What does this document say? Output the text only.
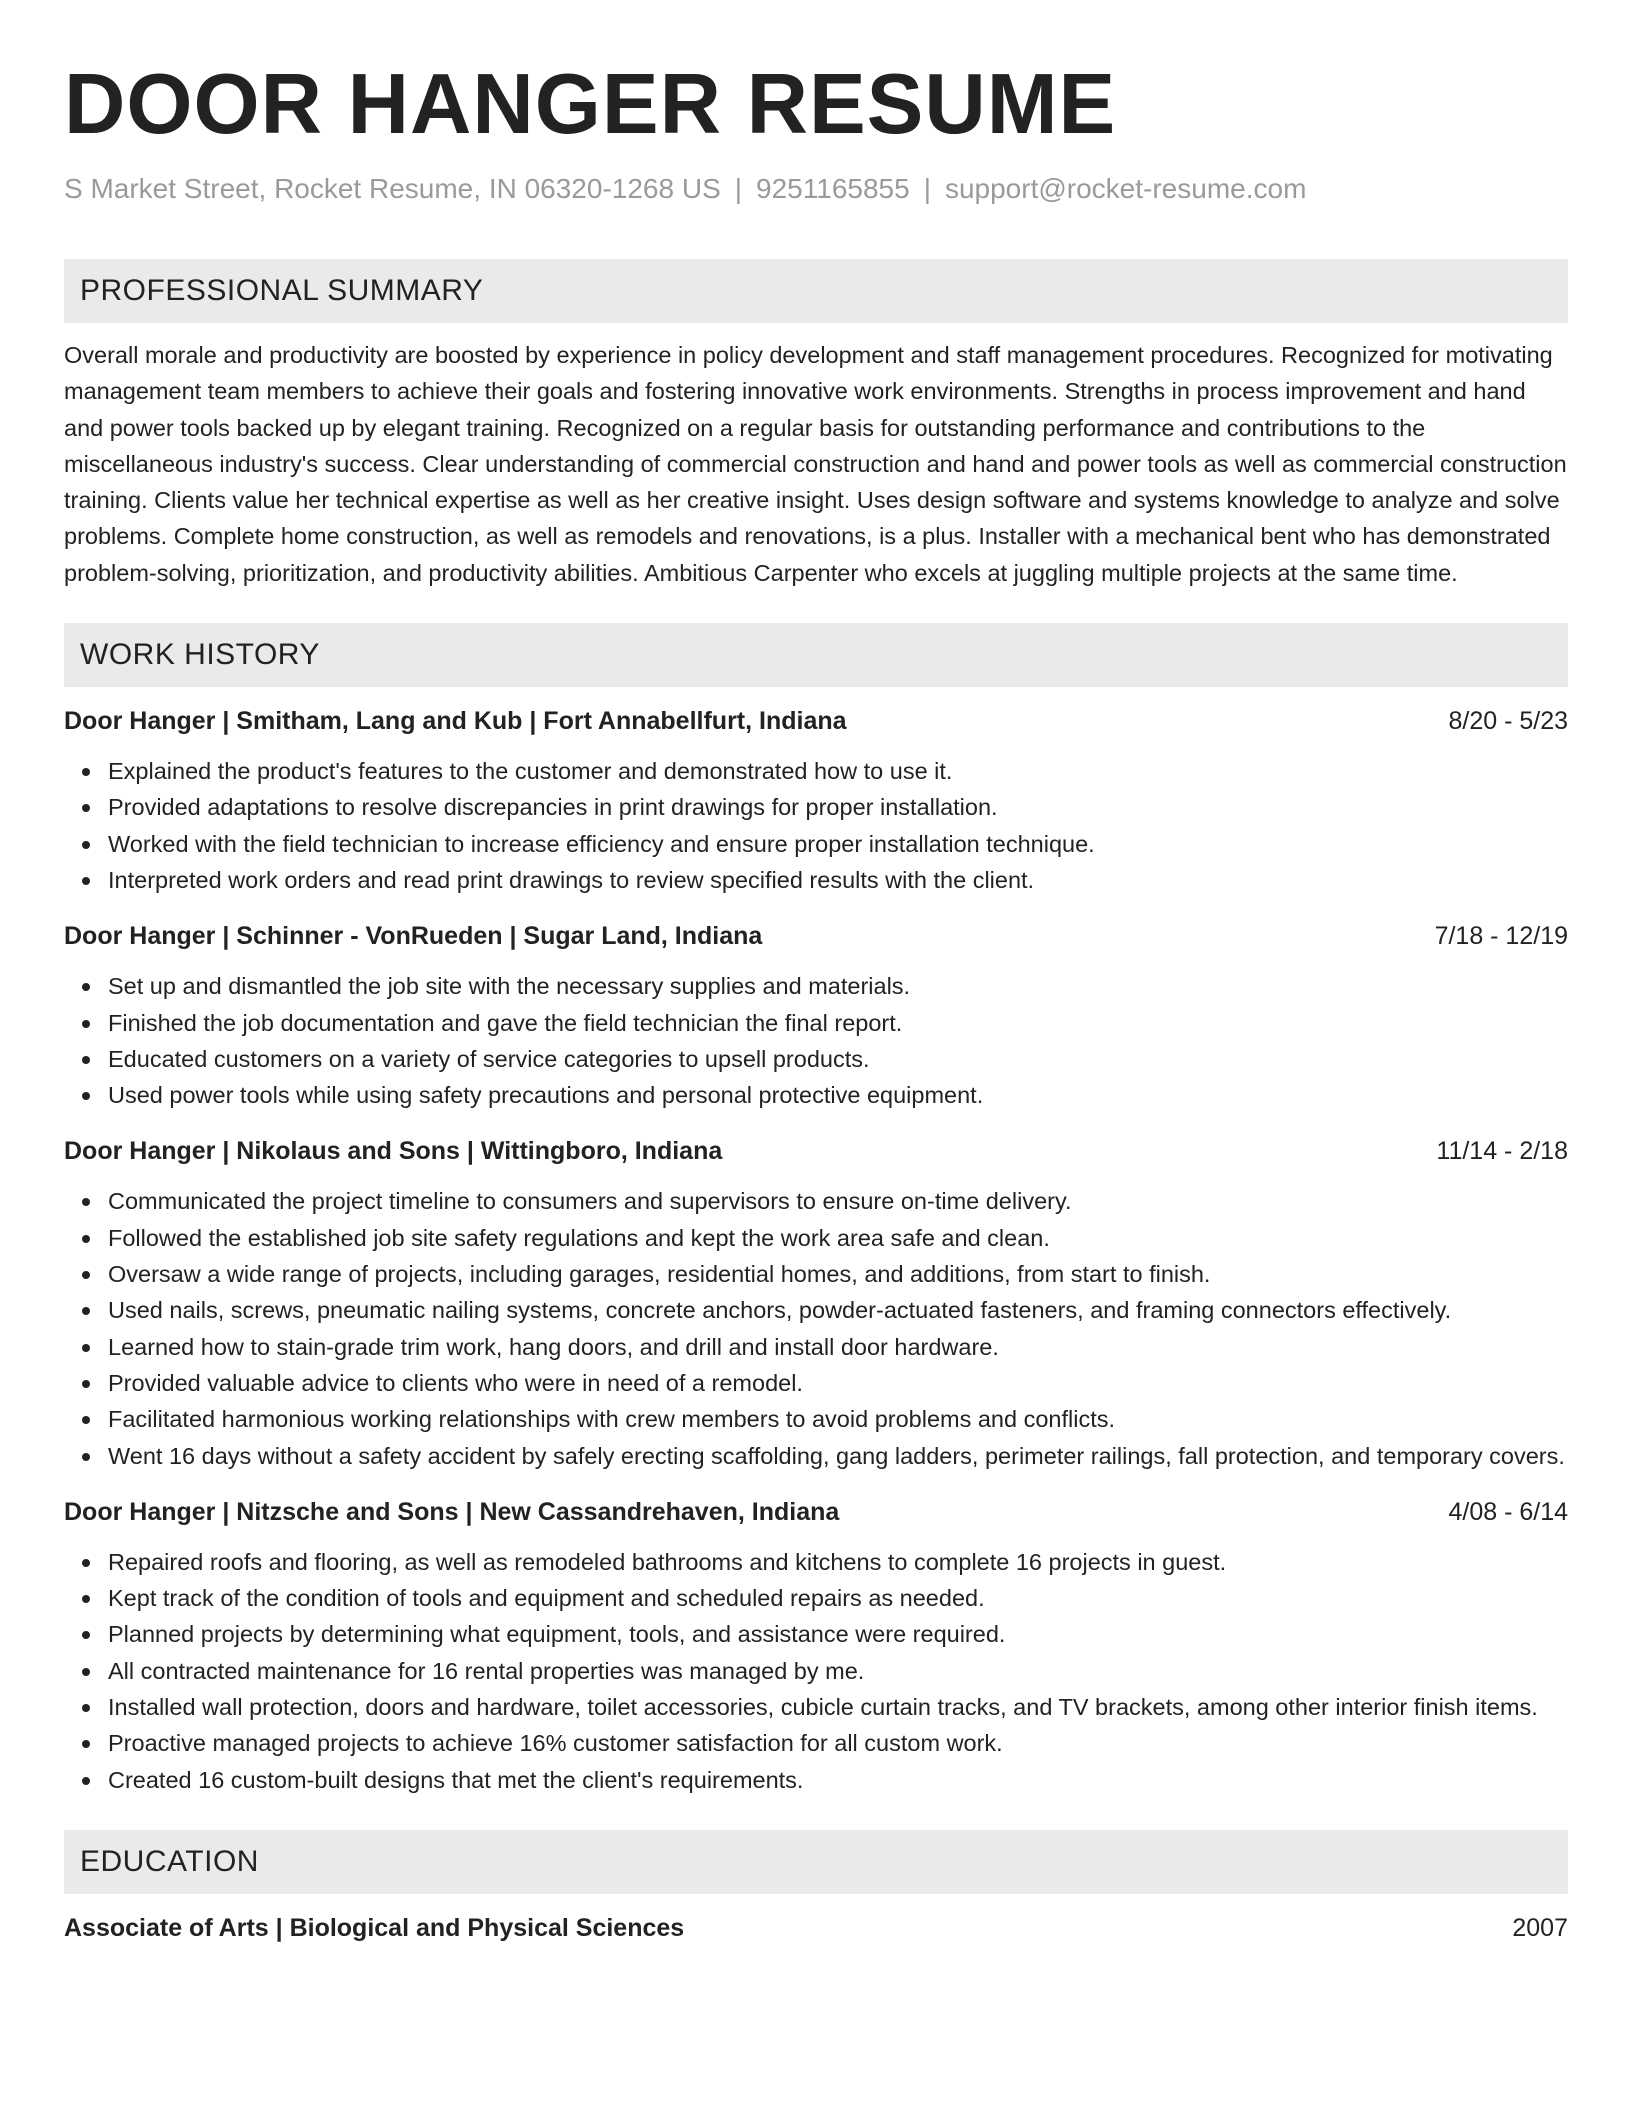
DOOR HANGER RESUME
S Market Street, Rocket Resume, IN 06320-1268 US | 9251165855 | support@rocket-resume.com
PROFESSIONAL SUMMARY
Overall morale and productivity are boosted by experience in policy development and staff management procedures. Recognized for motivating management team members to achieve their goals and fostering innovative work environments. Strengths in process improvement and hand and power tools backed up by elegant training. Recognized on a regular basis for outstanding performance and contributions to the miscellaneous industry's success. Clear understanding of commercial construction and hand and power tools as well as commercial construction training. Clients value her technical expertise as well as her creative insight. Uses design software and systems knowledge to analyze and solve problems. Complete home construction, as well as remodels and renovations, is a plus. Installer with a mechanical bent who has demonstrated problem-solving, prioritization, and productivity abilities. Ambitious Carpenter who excels at juggling multiple projects at the same time.
WORK HISTORY
Door Hanger | Smitham, Lang and Kub | Fort Annabellfurt, Indiana	8/20 - 5/23
Explained the product's features to the customer and demonstrated how to use it.
Provided adaptations to resolve discrepancies in print drawings for proper installation.
Worked with the field technician to increase efficiency and ensure proper installation technique.
Interpreted work orders and read print drawings to review specified results with the client.
Door Hanger | Schinner - VonRueden | Sugar Land, Indiana	7/18 - 12/19
Set up and dismantled the job site with the necessary supplies and materials.
Finished the job documentation and gave the field technician the final report.
Educated customers on a variety of service categories to upsell products.
Used power tools while using safety precautions and personal protective equipment.
Door Hanger | Nikolaus and Sons | Wittingboro, Indiana	11/14 - 2/18
Communicated the project timeline to consumers and supervisors to ensure on-time delivery.
Followed the established job site safety regulations and kept the work area safe and clean.
Oversaw a wide range of projects, including garages, residential homes, and additions, from start to finish.
Used nails, screws, pneumatic nailing systems, concrete anchors, powder-actuated fasteners, and framing connectors effectively.
Learned how to stain-grade trim work, hang doors, and drill and install door hardware.
Provided valuable advice to clients who were in need of a remodel.
Facilitated harmonious working relationships with crew members to avoid problems and conflicts.
Went 16 days without a safety accident by safely erecting scaffolding, gang ladders, perimeter railings, fall protection, and temporary covers.
Door Hanger | Nitzsche and Sons | New Cassandrehaven, Indiana	4/08 - 6/14
Repaired roofs and flooring, as well as remodeled bathrooms and kitchens to complete 16 projects in guest.
Kept track of the condition of tools and equipment and scheduled repairs as needed.
Planned projects by determining what equipment, tools, and assistance were required.
All contracted maintenance for 16 rental properties was managed by me.
Installed wall protection, doors and hardware, toilet accessories, cubicle curtain tracks, and TV brackets, among other interior finish items.
Proactive managed projects to achieve 16% customer satisfaction for all custom work.
Created 16 custom-built designs that met the client's requirements.
EDUCATION
Associate of Arts | Biological and Physical Sciences	2007
